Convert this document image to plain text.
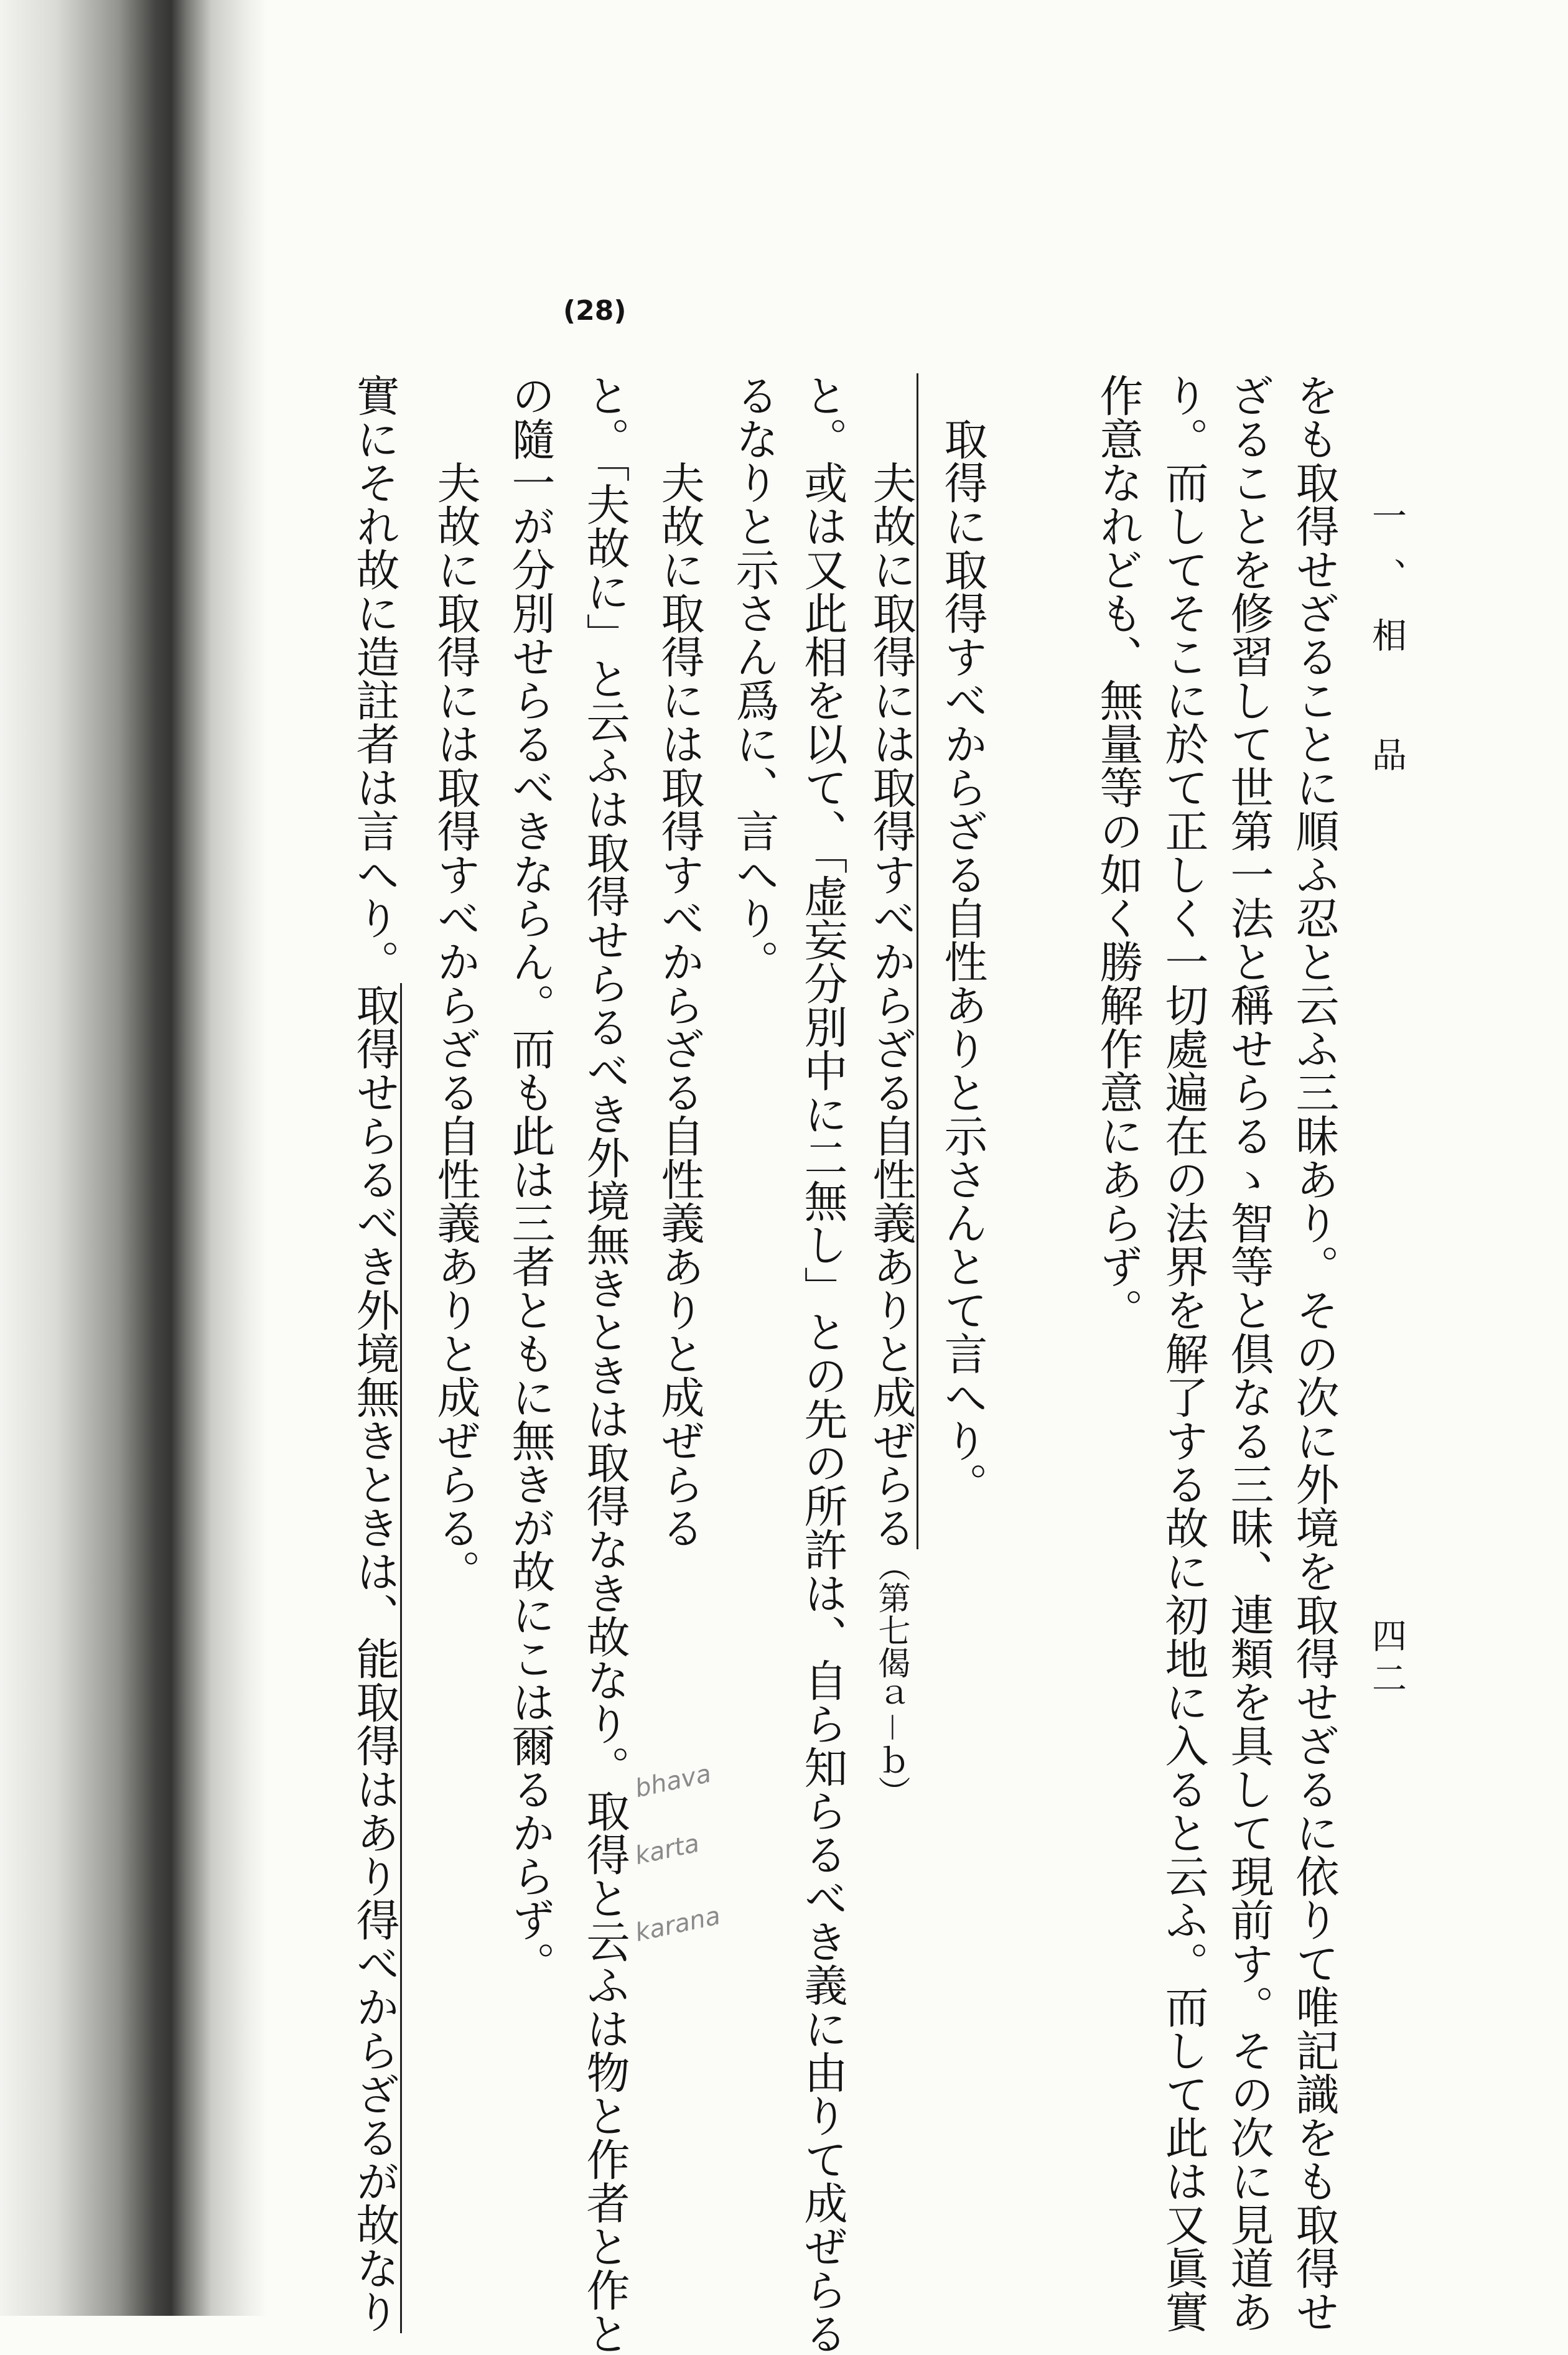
一、相　品
四二
(28)
をも取得せざることに順ふ忍と云ふ三昧あり。その次に外境を取得せざるに依りて唯記識をも取得せ
ざることを修習して世第一法と稱せらるゝ智等と倶なる三昧、連類を具して現前す。その次に見道あ
り。而してそこに於て正しく一切處遍在の法界を解了する故に初地に入ると云ふ。而して此は又眞實
作意なれども、無量等の如く勝解作意にあらず。
　取得に取得すべからざる自性ありと示さんとて言へり。
　　夫故に取得には取得すべからざる自性義ありと成ぜらる（第七偈ａ－ｂ）
と。或は又此相を以て、「虚妄分別中に二無し」との先の所許は、自ら知らるべき義に由りて成ぜらる
るなりと示さん爲に、言へり。
　　夫故に取得には取得すべからざる自性義ありと成ぜらる
と。「夫故に」と云ふは取得せらるべき外境無きときは取得なき故なり。取得と云ふは物と作者と作と
の隨一が分別せらるべきならん。而も此は三者ともに無きが故にこは爾るからず。
　　夫故に取得には取得すべからざる自性義ありと成ぜらる。
實にそれ故に造註者は言へり。取得せらるべき外境無きときは、能取得はあり得べからざるが故なり	bhava
karta
karana
